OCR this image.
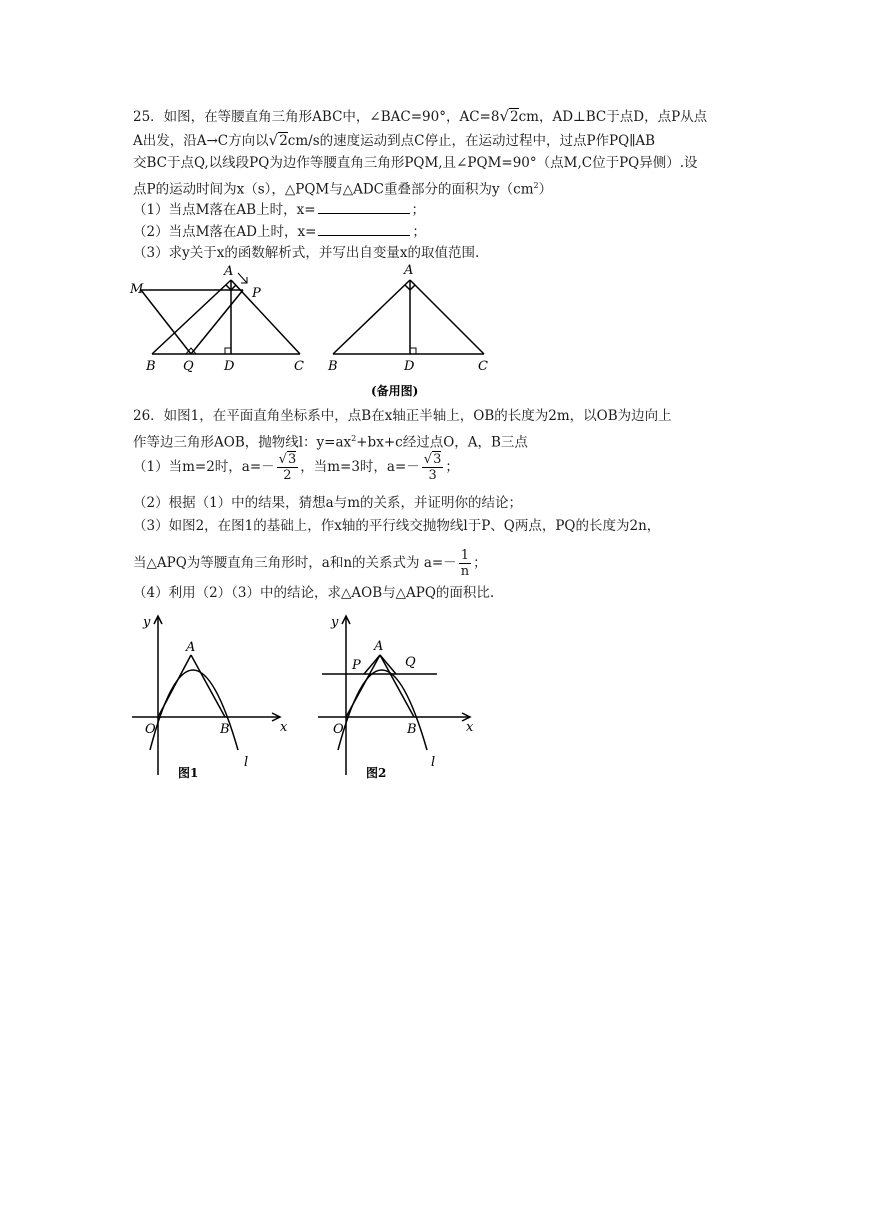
25．如图，在等腰直角三角形ABC中，∠BAC=90°，AC=8√2cm，AD⊥BC于点D，点P从点
A出发，沿A→C方向以√2cm/s的速度运动到点C停止，在运动过程中，过点P作PQ∥AB
交BC于点Q,以线段PQ为边作等腰直角三角形PQM,且∠PQM=90°（点M,C位于PQ异侧）.设
点P的运动时间为x（s），△PQM与△ADC重叠部分的面积为$y(cm^2)$
（1）当点M落在AB上时，x=	；
（2）当点M落在AD上时，x=	；
（3）求y关于x的函数解析式，并写出自变量x的取值范围.
M
A
P
B Q D	C
A
B	D	C
(备用图)
26．如图1，在平面直角坐标系中，点B在x轴正半轴上，OB的长度为2m，以OB为边向上
作等边三角形AOB，抛物线l：$y=ax^2+bx+c$经过点O，A，B三点
（1）当m=2时，$a=- \frac{√3}{2}$ ，当m=3时，$a=- \frac{√3}{3}$ ；
（2）根据（1）中的结果，猜想a与m的关系，并证明你的结论；
（3）如图2，在图1的基础上，作x轴的平行线交抛物线l于P、Q两点，PQ的长度为2n，
当△APQ为等腰直角三角形时，a和n的关系式为 $a=- \frac{1}{n}$ ；
（4）利用（2）（3）中的结论，求△AOB与△APQ的面积比.
y
A
O	B	x
l
图1
y
A
P	Q
O	B	x
l
图2
